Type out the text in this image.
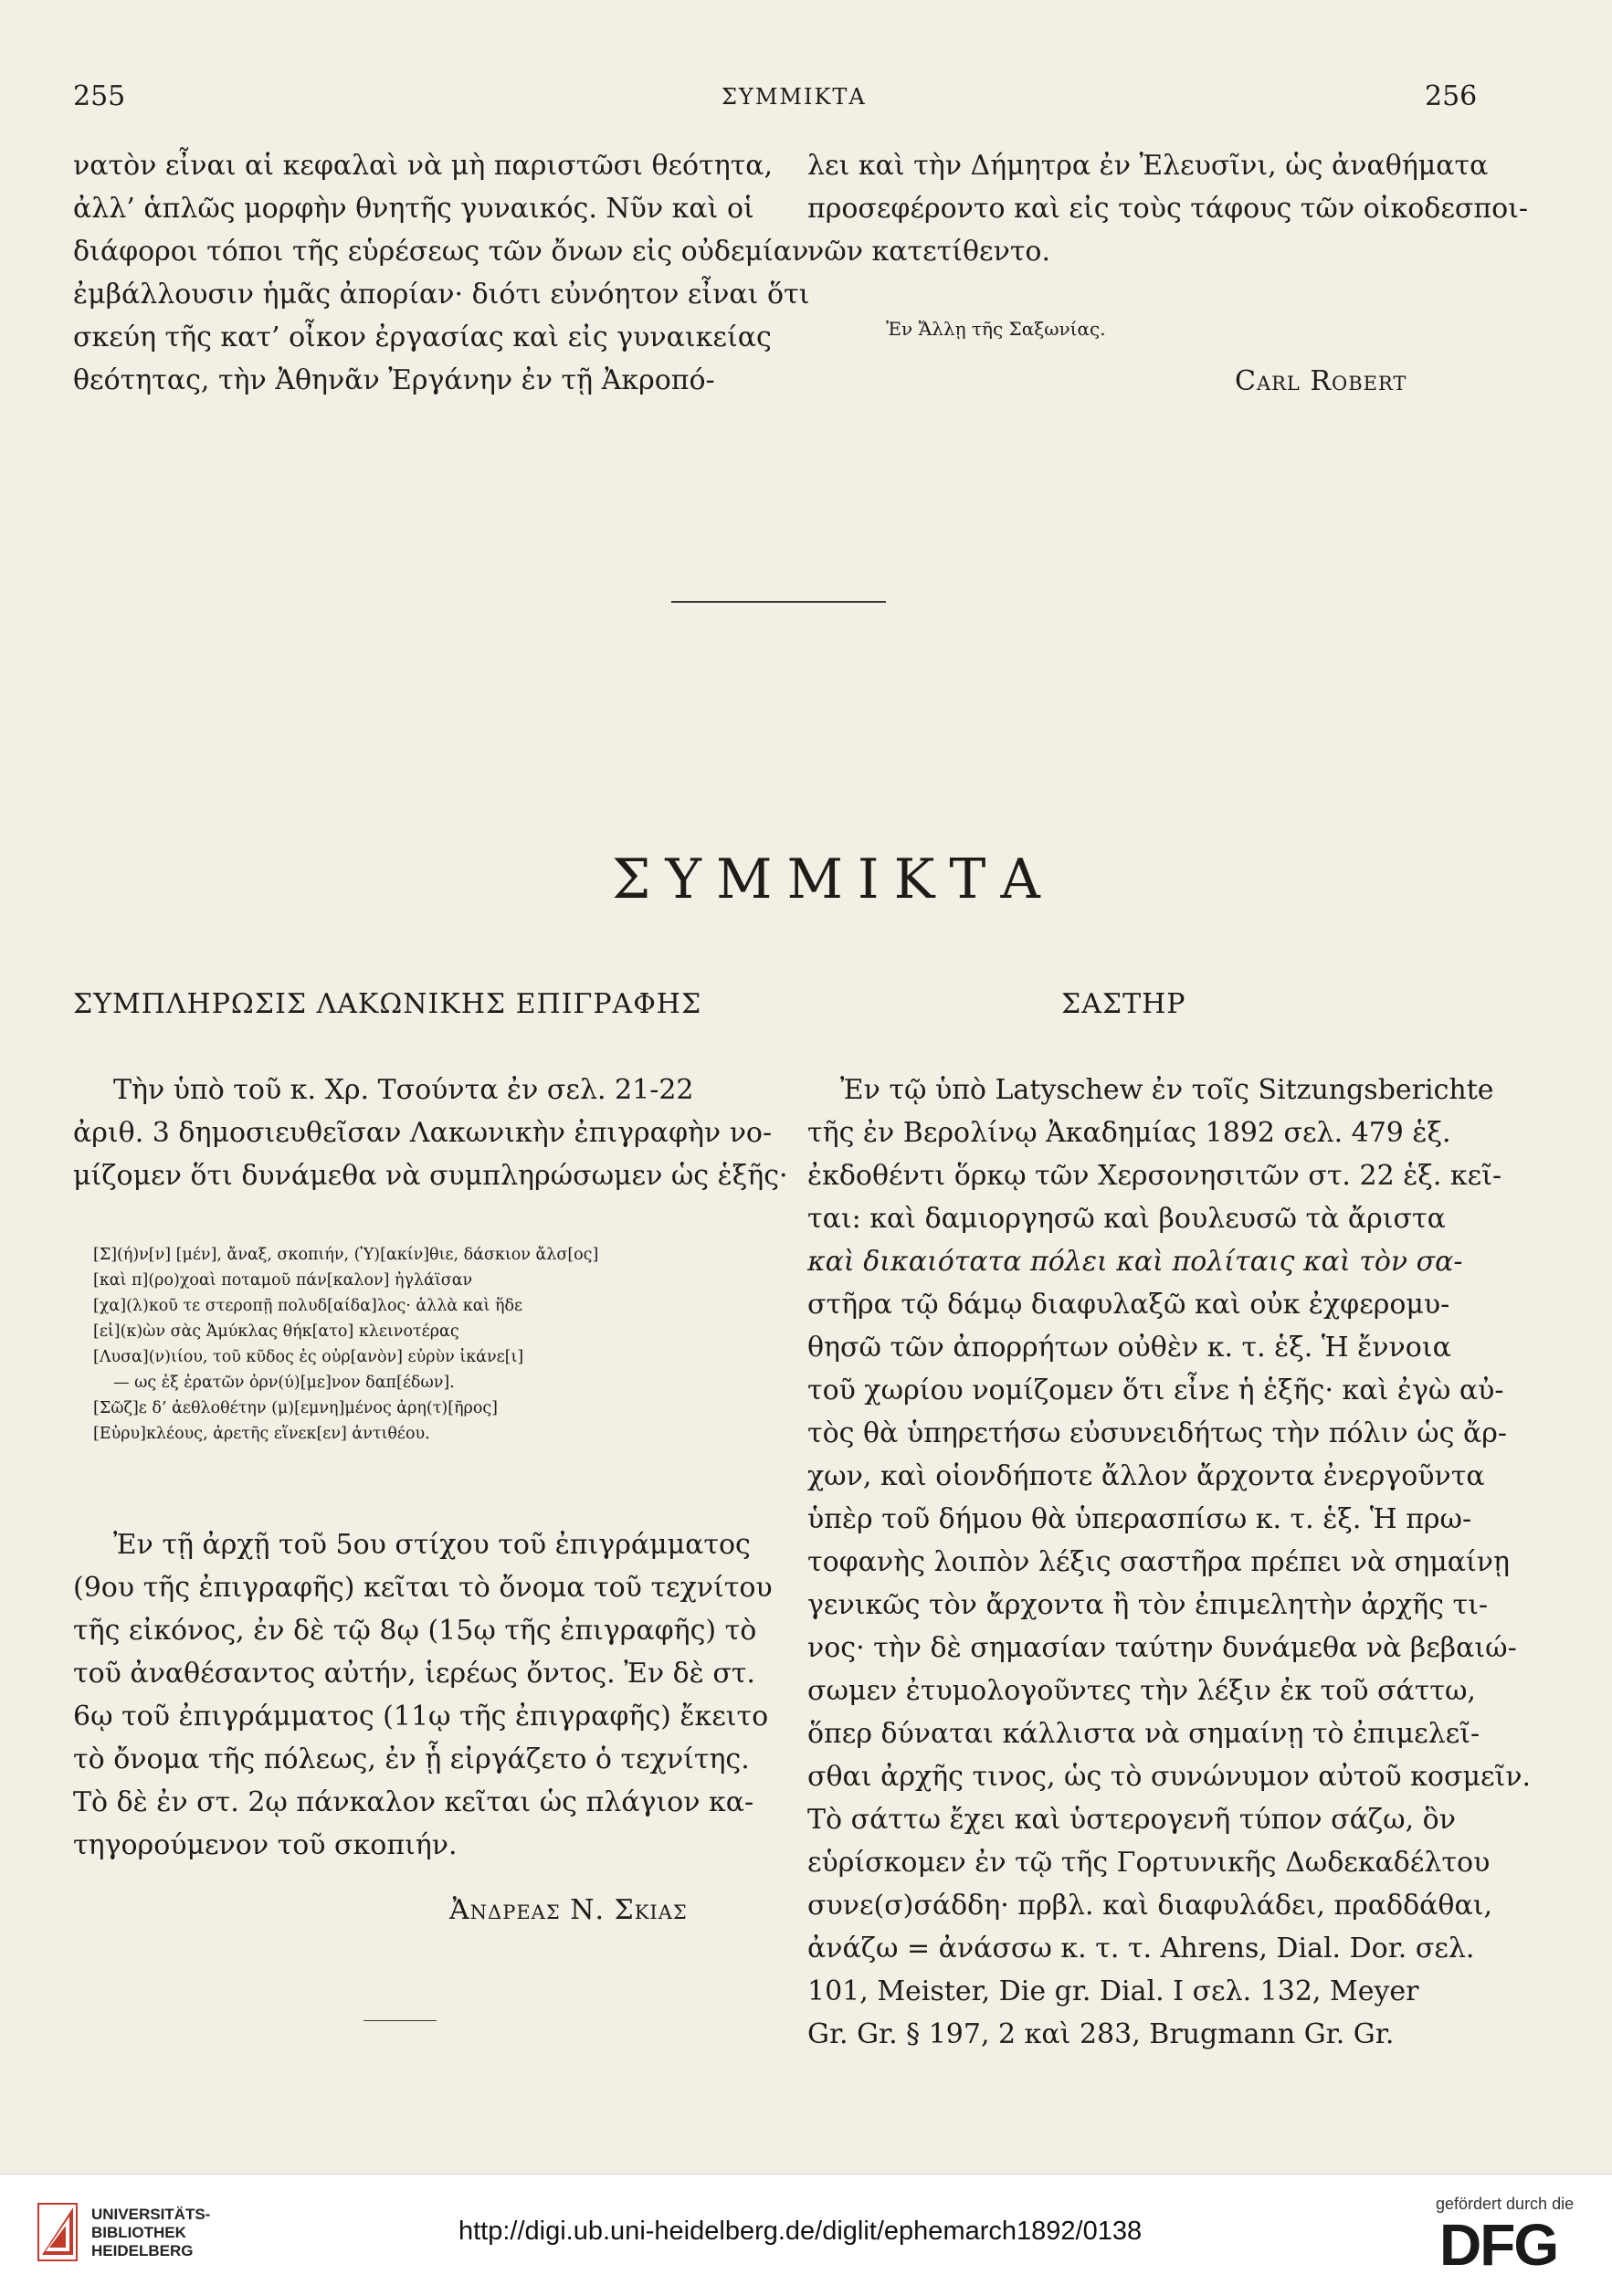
255	ΣΥΜΜΙΚΤΑ	256
νατὸν εἶναι αἱ κεφαλαὶ νὰ μὴ παριστῶσι θεότητα,
ἀλλ’ ἁπλῶς μορφὴν θνητῆς γυναικός. Νῦν καὶ οἱ
διάφοροι τόποι τῆς εὑρέσεως τῶν ὄνων εἰς οὐδεμίαν
ἐμβάλλουσιν ἡμᾶς ἀπορίαν· διότι εὐνόητον εἶναι ὅτι
σκεύη τῆς κατ’ οἶκον ἐργασίας καὶ εἰς γυναικείας
θεότητας, τὴν Ἀθηνᾶν Ἐργάνην ἐν τῇ Ἀκροπό-
λει καὶ τὴν Δήμητρα ἐν Ἐλευσῖνι, ὡς ἀναθήματα
προσεφέροντο καὶ εἰς τοὺς τάφους τῶν οἰκοδεσποι-
νῶν κατετίθεντο.
Ἐν Ἄλλῃ τῆς Σαξωνίας.
Carl Robert
ΣΥΜΜΙΚΤΑ
ΣΥΜΠΛΗΡΩΣΙΣ ΛΑΚΩΝΙΚΗΣ ΕΠΙΓΡΑΦΗΣ
Τὴν ὑπὸ τοῦ κ. Χρ. Τσούντα ἐν σελ. 21-22
ἀριθ. 3 δημοσιευθεῖσαν Λακωνικὴν ἐπιγραφὴν νο-
μίζομεν ὅτι δυνάμεθα νὰ συμπληρώσωμεν ὡς ἑξῆς·
[Σ](ή)ν[ν] [μέν], ἄναξ, σκοπιήν, (Ὑ)[ακίν]θιε, δάσκιον ἄλσ[ος]
[καὶ π](ρο)χοαὶ ποταμοῦ πάν[καλον] ἠγλάϊσαν
[χα](λ)κοῦ τε στεροπῇ πολυδ[αίδα]λος· ἀλλὰ καὶ ἥδε
[εἰ](κ)ὼν σὰς Ἀμύκλας θήκ[ατο] κλεινοτέρας
[Λυσα](ν)ιίου, τοῦ κῦδος ἐς οὐρ[ανὸν] εὐρὺν ἱκάνε[ι]
— ως ἐξ ἐρατῶν ὀρν(ύ)[με]νον δαπ[έδων].
[Σῶζ]ε δ’ ἀεθλοθέτην (μ)[εμνη]μένος ἀρη(τ)[ῆρος]
[Εὐρυ]κλέους, ἀρετῆς εἵνεκ[εν] ἀντιθέου.
Ἐν τῇ ἀρχῇ τοῦ 5ου στίχου τοῦ ἐπιγράμματος
(9ου τῆς ἐπιγραφῆς) κεῖται τὸ ὄνομα τοῦ τεχνίτου
τῆς εἰκόνος, ἐν δὲ τῷ 8ῳ (15ῳ τῆς ἐπιγραφῆς) τὸ
τοῦ ἀναθέσαντος αὐτήν, ἱερέως ὄντος. Ἐν δὲ στ.
6ῳ τοῦ ἐπιγράμματος (11ῳ τῆς ἐπιγραφῆς) ἔκειτο
τὸ ὄνομα τῆς πόλεως, ἐν ᾗ εἰργάζετο ὁ τεχνίτης.
Τὸ δὲ ἐν στ. 2ῳ πάνκαλον κεῖται ὡς πλάγιον κα-
τηγορούμενον τοῦ σκοπιήν.
Ἀνδρεας Ν. Σκιας
ΣΑΣΤΗΡ
Ἐν τῷ ὑπὸ Latyschew ἐν τοῖς Sitzungsberichte
τῆς ἐν Βερολίνῳ Ἀκαδημίας 1892 σελ. 479 ἑξ.
ἐκδοθέντι ὅρκῳ τῶν Χερσονησιτῶν στ. 22 ἑξ. κεῖ-
ται: καὶ δαμιοργησῶ καὶ βουλευσῶ τὰ ἄριστα
καὶ δικαιότατα πόλει καὶ πολίταις καὶ τὸν σα-
στῆρα τῷ δάμῳ διαφυλαξῶ καὶ οὐκ ἐχφερομυ-
θησῶ τῶν ἀπορρήτων οὐθὲν κ. τ. ἑξ. Ἡ ἔννοια
τοῦ χωρίου νομίζομεν ὅτι εἶνε ἡ ἑξῆς· καὶ ἐγὼ αὐ-
τὸς θὰ ὑπηρετήσω εὐσυνειδήτως τὴν πόλιν ὡς ἄρ-
χων, καὶ οἱονδήποτε ἄλλον ἄρχοντα ἐνεργοῦντα
ὑπὲρ τοῦ δήμου θὰ ὑπερασπίσω κ. τ. ἑξ. Ἡ πρω-
τοφανὴς λοιπὸν λέξις σαστῆρα πρέπει νὰ σημαίνῃ
γενικῶς τὸν ἄρχοντα ἢ τὸν ἐπιμελητὴν ἀρχῆς τι-
νος· τὴν δὲ σημασίαν ταύτην δυνάμεθα νὰ βεβαιώ-
σωμεν ἐτυμολογοῦντες τὴν λέξιν ἐκ τοῦ σάττω,
ὅπερ δύναται κάλλιστα νὰ σημαίνῃ τὸ ἐπιμελεῖ-
σθαι ἀρχῆς τινος, ὡς τὸ συνώνυμον αὐτοῦ κοσμεῖν.
Τὸ σάττω ἔχει καὶ ὑστερογενῆ τύπον σάζω, ὃν
εὑρίσκομεν ἐν τῷ τῆς Γορτυνικῆς Δωδεκαδέλτου
συνε(σ)σάδδη· πρβλ. καὶ διαφυλάδει, πραδδάθαι,
ἀνάζω = ἀνάσσω κ. τ. τ. Ahrens, Dial. Dor. σελ.
101, Meister, Die gr. Dial. I σελ. 132, Meyer
Gr. Gr. § 197, 2 καὶ 283, Brugmann Gr. Gr.
UNIVERSITÄTS-
BIBLIOTHEK
HEIDELBERG
http://digi.ub.uni-heidelberg.de/diglit/ephemarch1892/0138
gefördert durch die
DFG
